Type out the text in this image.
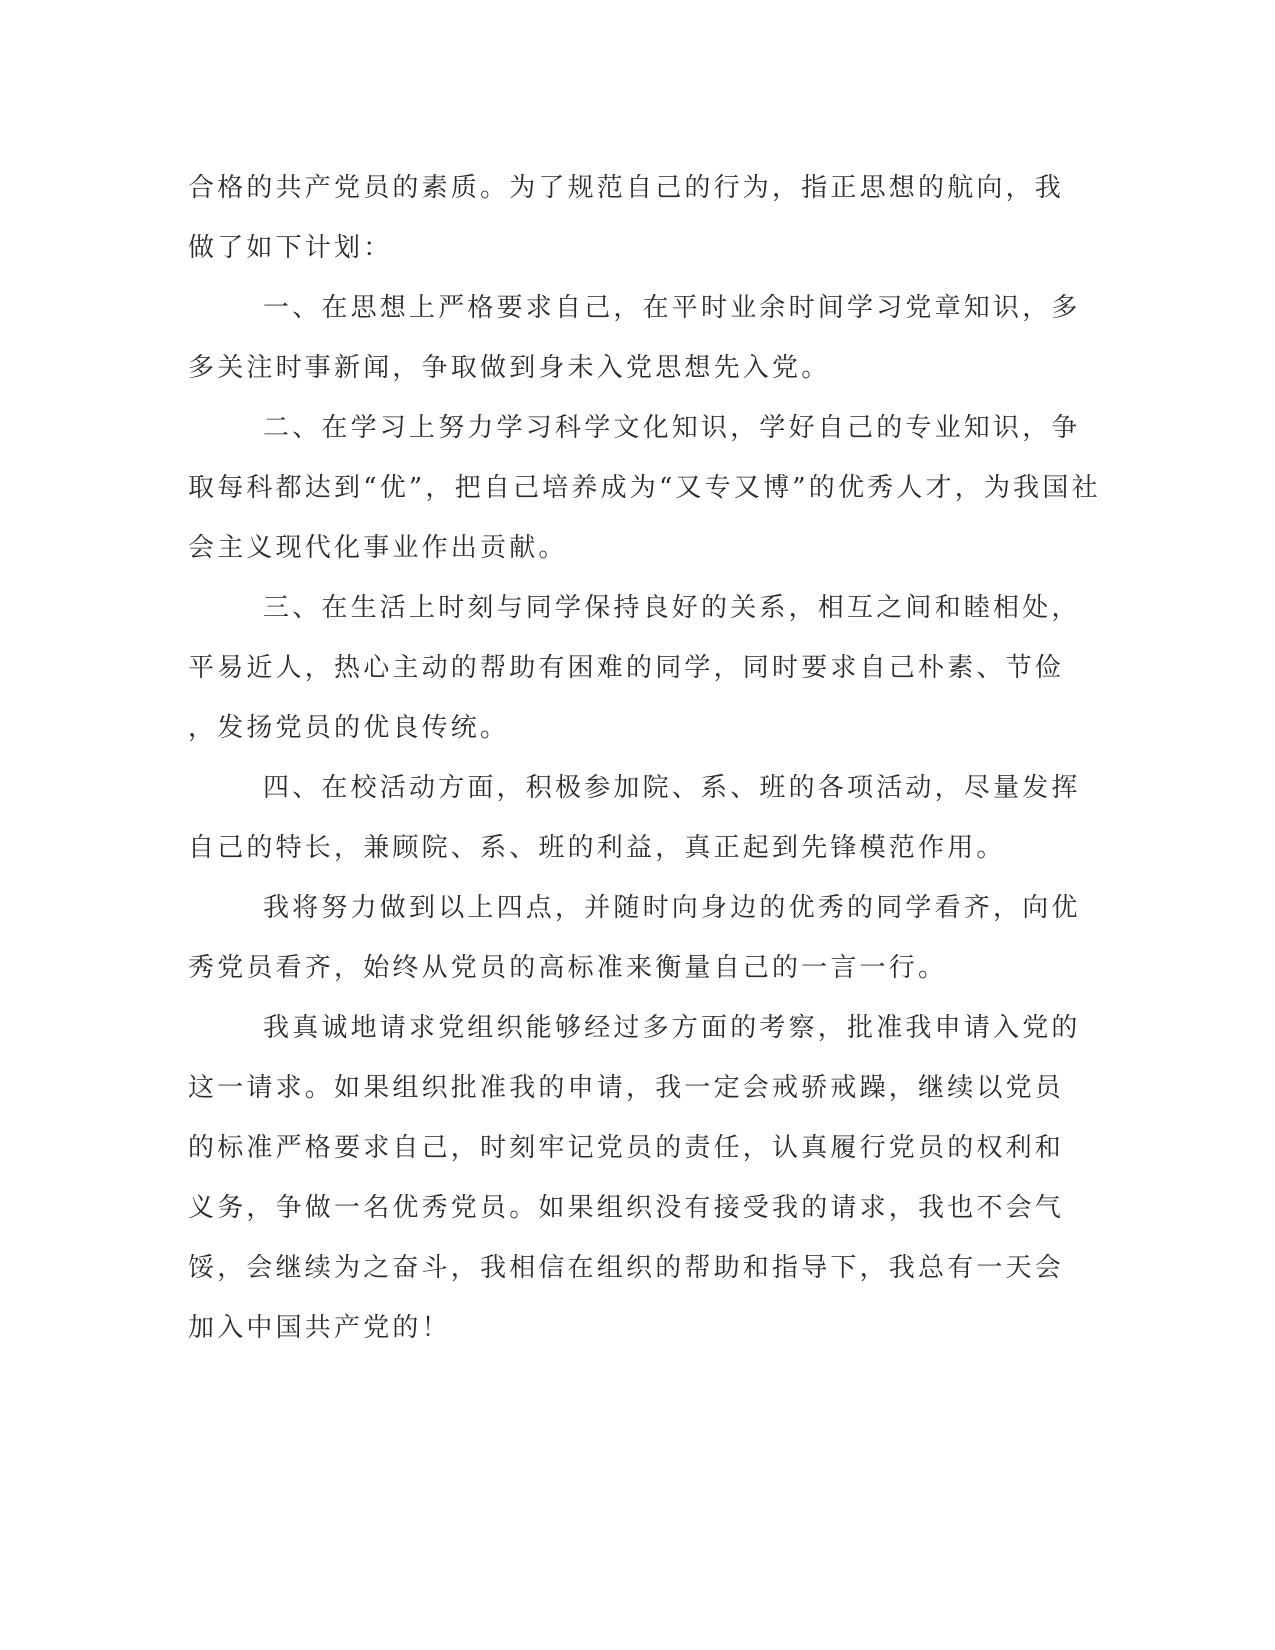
合格的共产党员的素质。为了规范自己的行为，指正思想的航向，我
做了如下计划：
一、在思想上严格要求自己，在平时业余时间学习党章知识，多
多关注时事新闻，争取做到身未入党思想先入党。
二、在学习上努力学习科学文化知识，学好自己的专业知识，争
取每科都达到“优”，把自己培养成为“又专又博”的优秀人才，为我国社
会主义现代化事业作出贡献。
三、在生活上时刻与同学保持良好的关系，相互之间和睦相处，
平易近人，热心主动的帮助有困难的同学，同时要求自己朴素、节俭
，发扬党员的优良传统。
四、在校活动方面，积极参加院、系、班的各项活动，尽量发挥
自己的特长，兼顾院、系、班的利益，真正起到先锋模范作用。
我将努力做到以上四点，并随时向身边的优秀的同学看齐，向优
秀党员看齐，始终从党员的高标准来衡量自己的一言一行。
我真诚地请求党组织能够经过多方面的考察，批准我申请入党的
这一请求。如果组织批准我的申请，我一定会戒骄戒躁，继续以党员
的标准严格要求自己，时刻牢记党员的责任，认真履行党员的权利和
义务，争做一名优秀党员。如果组织没有接受我的请求，我也不会气
馁，会继续为之奋斗，我相信在组织的帮助和指导下，我总有一天会
加入中国共产党的！
